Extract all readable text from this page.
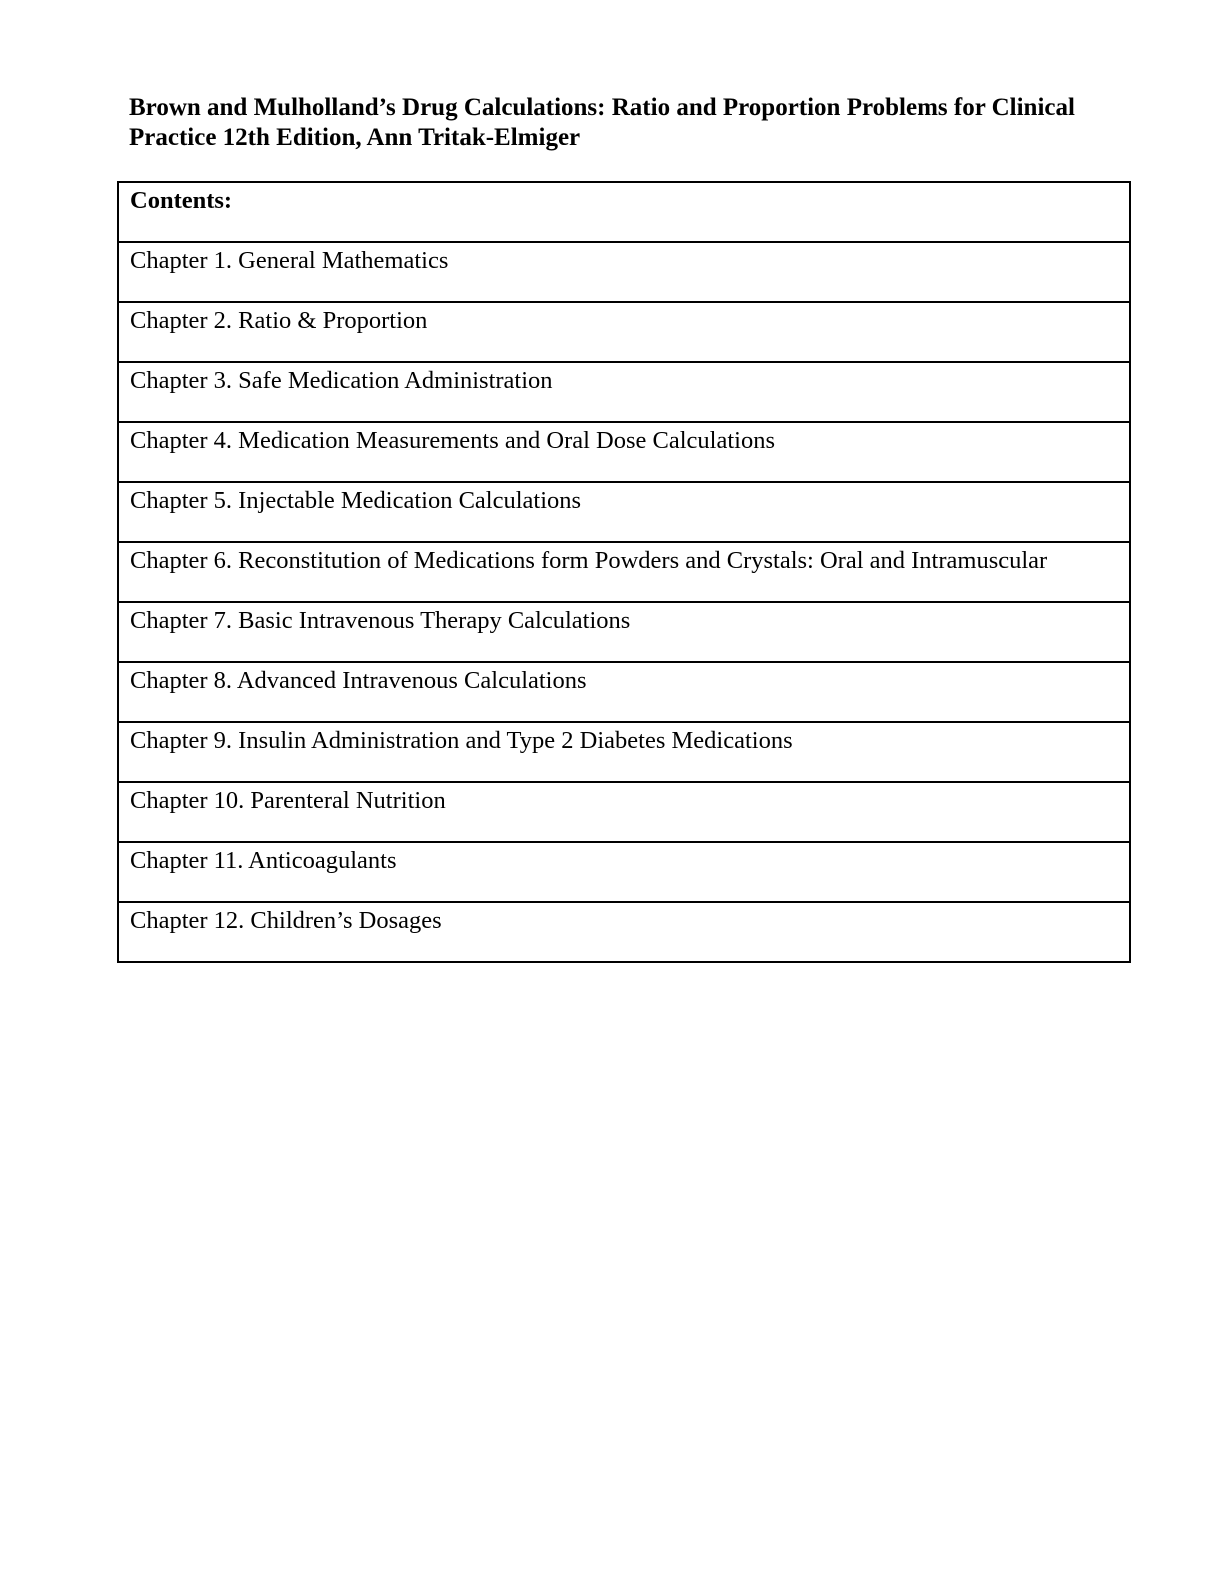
Brown and Mulholland’s Drug Calculations: Ratio and Proportion Problems for Clinical Practice 12th Edition, Ann Tritak-Elmiger
Contents:
Chapter 1. General Mathematics
Chapter 2. Ratio & Proportion
Chapter 3. Safe Medication Administration
Chapter 4. Medication Measurements and Oral Dose Calculations
Chapter 5. Injectable Medication Calculations
Chapter 6. Reconstitution of Medications form Powders and Crystals: Oral and Intramuscular
Chapter 7. Basic Intravenous Therapy Calculations
Chapter 8. Advanced Intravenous Calculations
Chapter 9. Insulin Administration and Type 2 Diabetes Medications
Chapter 10. Parenteral Nutrition
Chapter 11. Anticoagulants
Chapter 12. Children’s Dosages
